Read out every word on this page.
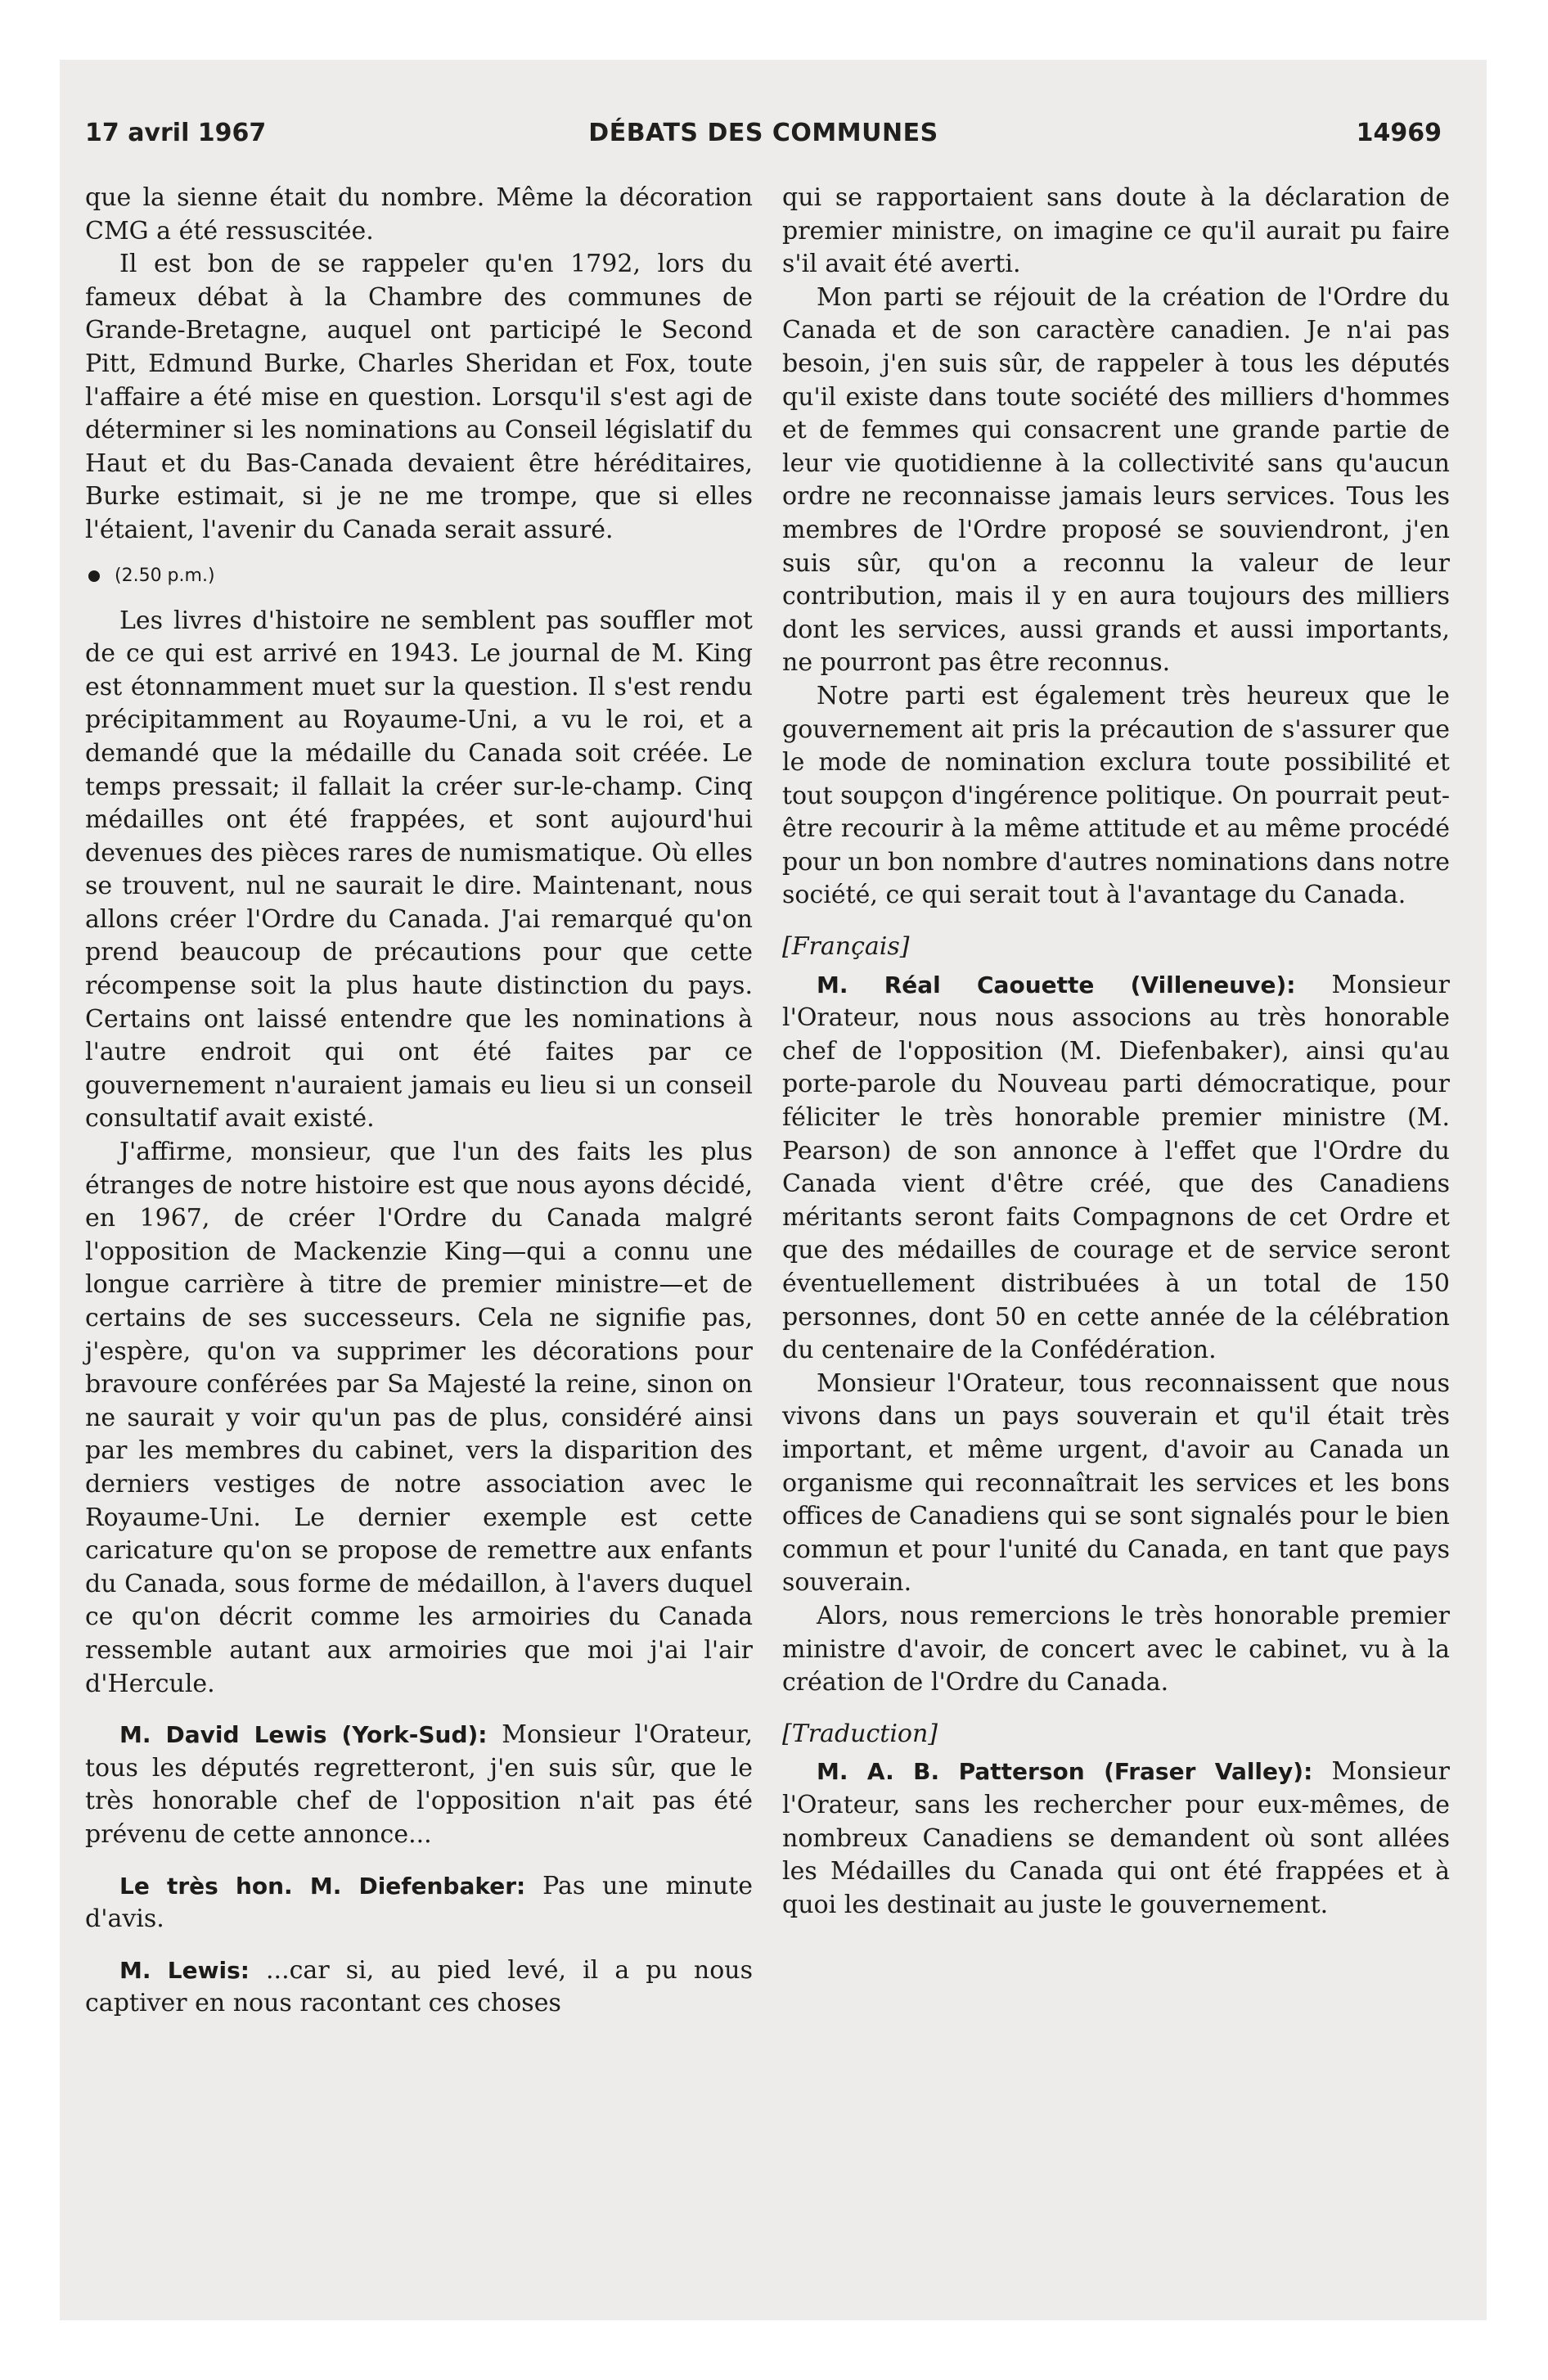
17 avril 1967	DÉBATS DES COMMUNES	14969

que la sienne était du nombre. Même la décoration CMG a été ressuscitée.

Il est bon de se rappeler qu'en 1792, lors du fameux débat à la Chambre des communes de Grande-Bretagne, auquel ont participé le Second Pitt, Edmund Burke, Charles Sheridan et Fox, toute l'affaire a été mise en question. Lorsqu'il s'est agi de déterminer si les nominations au Conseil législatif du Haut et du Bas-Canada devaient être héréditaires, Burke estimait, si je ne me trompe, que si elles l'étaient, l'avenir du Canada serait assuré.

(2.50 p.m.)

Les livres d'histoire ne semblent pas souffler mot de ce qui est arrivé en 1943. Le journal de M. King est étonnamment muet sur la question. Il s'est rendu précipitamment au Royaume-Uni, a vu le roi, et a demandé que la médaille du Canada soit créée. Le temps pressait; il fallait la créer sur-le-champ. Cinq médailles ont été frappées, et sont aujourd'hui devenues des pièces rares de numismatique. Où elles se trouvent, nul ne saurait le dire. Maintenant, nous allons créer l'Ordre du Canada. J'ai remarqué qu'on prend beaucoup de précautions pour que cette récompense soit la plus haute distinction du pays. Certains ont laissé entendre que les nominations à l'autre endroit qui ont été faites par ce gouvernement n'auraient jamais eu lieu si un conseil consultatif avait existé.

J'affirme, monsieur, que l'un des faits les plus étranges de notre histoire est que nous ayons décidé, en 1967, de créer l'Ordre du Canada malgré l'opposition de Mackenzie King—qui a connu une longue carrière à titre de premier ministre—et de certains de ses successeurs. Cela ne signifie pas, j'espère, qu'on va supprimer les décorations pour bravoure conférées par Sa Majesté la reine, sinon on ne saurait y voir qu'un pas de plus, considéré ainsi par les membres du cabinet, vers la disparition des derniers vestiges de notre association avec le Royaume-Uni. Le dernier exemple est cette caricature qu'on se propose de remettre aux enfants du Canada, sous forme de médaillon, à l'avers duquel ce qu'on décrit comme les armoiries du Canada ressemble autant aux armoiries que moi j'ai l'air d'Hercule.

M. David Lewis (York-Sud): Monsieur l'Orateur, tous les députés regretteront, j'en suis sûr, que le très honorable chef de l'opposition n'ait pas été prévenu de cette annonce...

Le très hon. M. Diefenbaker: Pas une minute d'avis.

M. Lewis: ...car si, au pied levé, il a pu nous captiver en nous racontant ces choses

qui se rapportaient sans doute à la déclaration de premier ministre, on imagine ce qu'il aurait pu faire s'il avait été averti.

Mon parti se réjouit de la création de l'Ordre du Canada et de son caractère canadien. Je n'ai pas besoin, j'en suis sûr, de rappeler à tous les députés qu'il existe dans toute société des milliers d'hommes et de femmes qui consacrent une grande partie de leur vie quotidienne à la collectivité sans qu'aucun ordre ne reconnaisse jamais leurs services. Tous les membres de l'Ordre proposé se souviendront, j'en suis sûr, qu'on a reconnu la valeur de leur contribution, mais il y en aura toujours des milliers dont les services, aussi grands et aussi importants, ne pourront pas être reconnus.

Notre parti est également très heureux que le gouvernement ait pris la précaution de s'assurer que le mode de nomination exclura toute possibilité et tout soupçon d'ingérence politique. On pourrait peut-être recourir à la même attitude et au même procédé pour un bon nombre d'autres nominations dans notre société, ce qui serait tout à l'avantage du Canada.

[Français]

M. Réal Caouette (Villeneuve): Monsieur l'Orateur, nous nous associons au très honorable chef de l'opposition (M. Diefenbaker), ainsi qu'au porte-parole du Nouveau parti démocratique, pour féliciter le très honorable premier ministre (M. Pearson) de son annonce à l'effet que l'Ordre du Canada vient d'être créé, que des Canadiens méritants seront faits Compagnons de cet Ordre et que des médailles de courage et de service seront éventuellement distribuées à un total de 150 personnes, dont 50 en cette année de la célébration du centenaire de la Confédération.

Monsieur l'Orateur, tous reconnaissent que nous vivons dans un pays souverain et qu'il était très important, et même urgent, d'avoir au Canada un organisme qui reconnaîtrait les services et les bons offices de Canadiens qui se sont signalés pour le bien commun et pour l'unité du Canada, en tant que pays souverain.

Alors, nous remercions le très honorable premier ministre d'avoir, de concert avec le cabinet, vu à la création de l'Ordre du Canada.

[Traduction]

M. A. B. Patterson (Fraser Valley): Monsieur l'Orateur, sans les rechercher pour eux-mêmes, de nombreux Canadiens se demandent où sont allées les Médailles du Canada qui ont été frappées et à quoi les destinait au juste le gouvernement.
